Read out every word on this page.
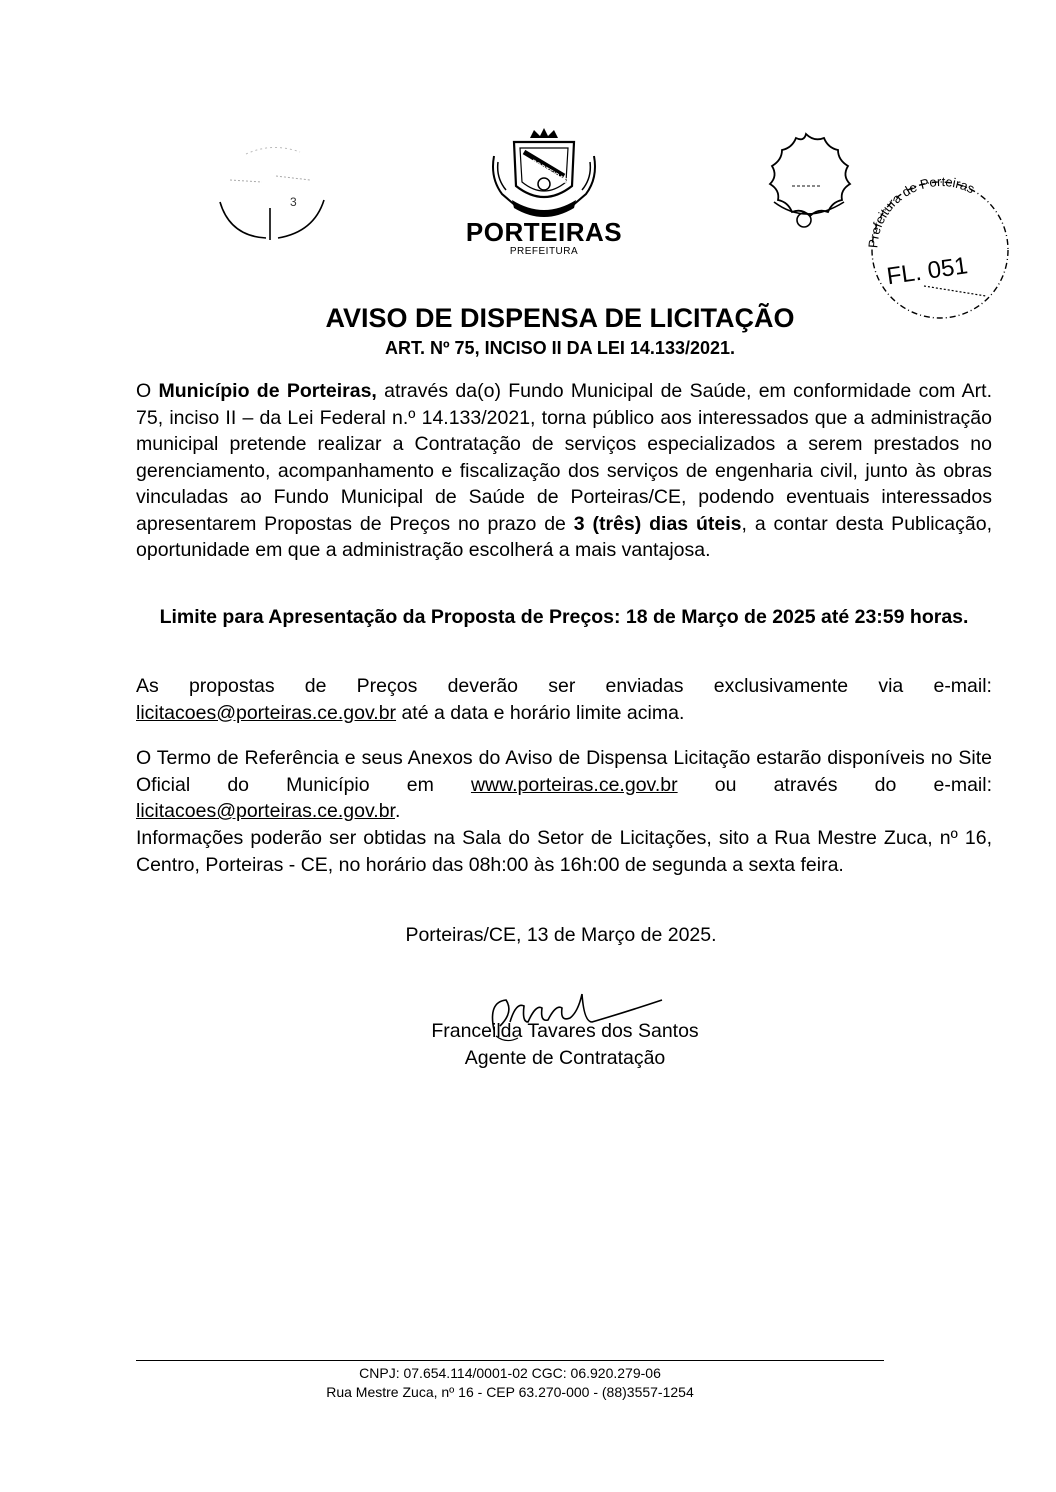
3
PORTEIRAS
PORTEIRAS
PREFEITURA
Prefeitura de Porteiras
FL. 051
AVISO DE DISPENSA DE LICITAÇÃO
ART. Nº 75, INCISO II DA LEI 14.133/2021.
O Município de Porteiras, através da(o) Fundo Municipal de Saúde, em conformidade com Art. 75, inciso II – da Lei Federal n.º 14.133/2021, torna público aos interessados que a administração municipal pretende realizar a Contratação de serviços especializados a serem prestados no gerenciamento, acompanhamento e fiscalização dos serviços de engenharia civil, junto às obras vinculadas ao Fundo Municipal de Saúde de Porteiras/CE, podendo eventuais interessados apresentarem Propostas de Preços no prazo de 3 (três) dias úteis, a contar desta Publicação, oportunidade em que a administração escolherá a mais vantajosa.
Limite para Apresentação da Proposta de Preços: 18 de Março de 2025 até 23:59 horas.
As propostas de Preços deverão ser enviadas exclusivamente via e-mail:
licitacoes@porteiras.ce.gov.br até a data e horário limite acima.
O Termo de Referência e seus Anexos do Aviso de Dispensa Licitação estarão disponíveis no Site Oficial do Município em www.porteiras.ce.gov.br ou através do e-mail: licitacoes@porteiras.ce.gov.br.
Informações poderão ser obtidas na Sala do Setor de Licitações, sito a Rua Mestre Zuca, nº 16, Centro, Porteiras - CE, no horário das 08h:00 às 16h:00 de segunda a sexta feira.
Porteiras/CE, 13 de Março de 2025.
Franceilda Tavares dos Santos
Agente de Contratação
CNPJ: 07.654.114/0001-02 CGC: 06.920.279-06
Rua Mestre Zuca, nº 16 - CEP 63.270-000 - (88)3557-1254
